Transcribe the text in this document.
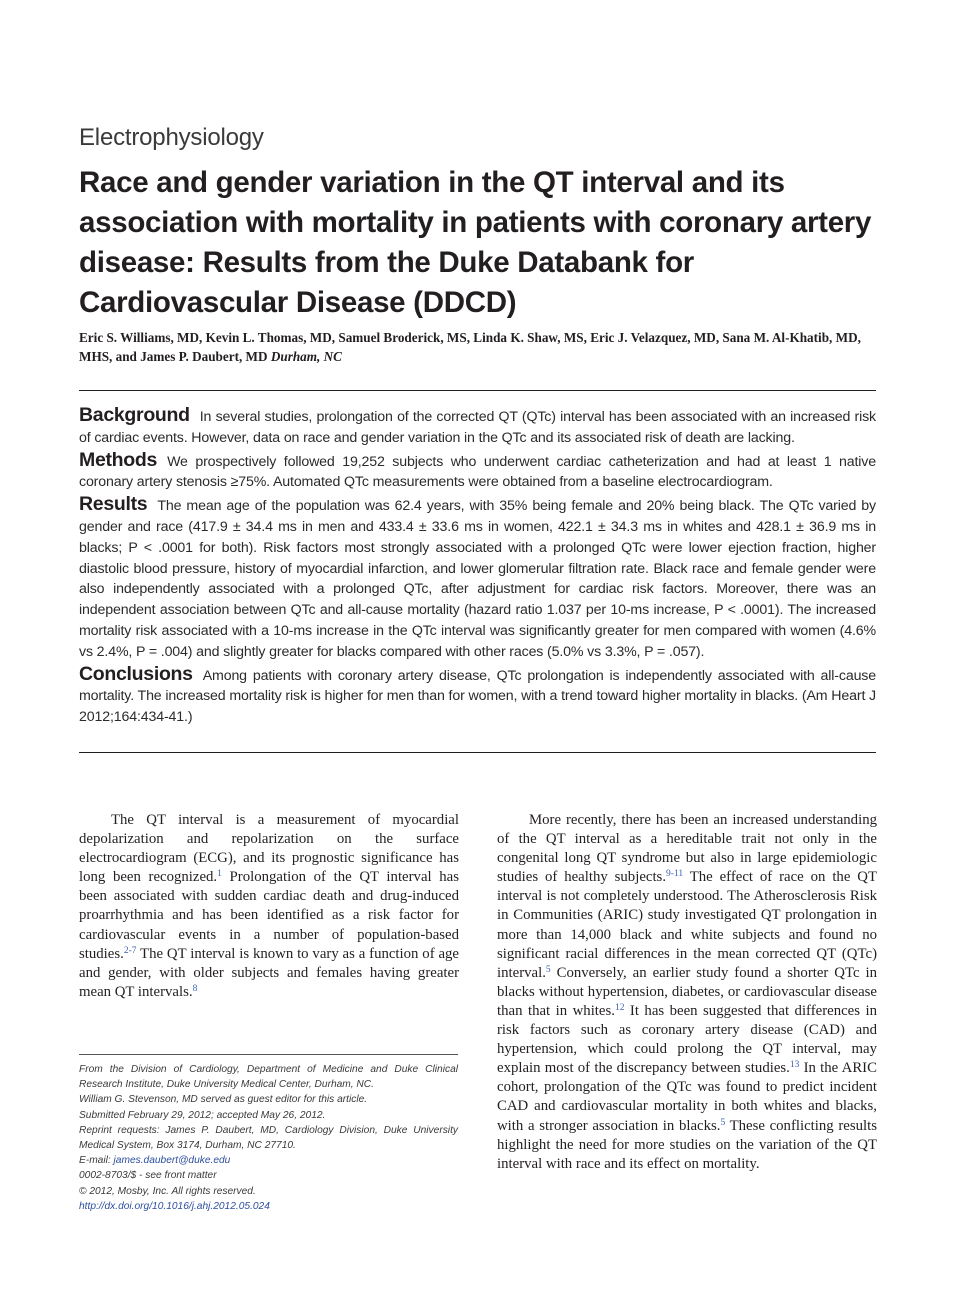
Electrophysiology
Race and gender variation in the QT interval and its association with mortality in patients with coronary artery disease: Results from the Duke Databank for Cardiovascular Disease (DDCD)
Eric S. Williams, MD, Kevin L. Thomas, MD, Samuel Broderick, MS, Linda K. Shaw, MS, Eric J. Velazquez, MD, Sana M. Al-Khatib, MD, MHS, and James P. Daubert, MD Durham, NC

Background In several studies, prolongation of the corrected QT (QTc) interval has been associated with an increased risk of cardiac events. However, data on race and gender variation in the QTc and its associated risk of death are lacking.

Methods We prospectively followed 19,252 subjects who underwent cardiac catheterization and had at least 1 native coronary artery stenosis ≥75%. Automated QTc measurements were obtained from a baseline electrocardiogram.

Results The mean age of the population was 62.4 years, with 35% being female and 20% being black. The QTc varied by gender and race (417.9 ± 34.4 ms in men and 433.4 ± 33.6 ms in women, 422.1 ± 34.3 ms in whites and 428.1 ± 36.9 ms in blacks; P < .0001 for both). Risk factors most strongly associated with a prolonged QTc were lower ejection fraction, higher diastolic blood pressure, history of myocardial infarction, and lower glomerular filtration rate. Black race and female gender were also independently associated with a prolonged QTc, after adjustment for cardiac risk factors. Moreover, there was an independent association between QTc and all-cause mortality (hazard ratio 1.037 per 10-ms increase, P < .0001). The increased mortality risk associated with a 10-ms increase in the QTc interval was significantly greater for men compared with women (4.6% vs 2.4%, P = .004) and slightly greater for blacks compared with other races (5.0% vs 3.3%, P = .057).

Conclusions Among patients with coronary artery disease, QTc prolongation is independently associated with all-cause mortality. The increased mortality risk is higher for men than for women, with a trend toward higher mortality in blacks. (Am Heart J 2012;164:434-41.)

The QT interval is a measurement of myocardial depolarization and repolarization on the surface electrocardiogram (ECG), and its prognostic significance has long been recognized.$^1$ Prolongation of the QT interval has been associated with sudden cardiac death and drug-induced proarrhythmia and has been identified as a risk factor for cardiovascular events in a number of population-based studies.$^{2-7}$ The QT interval is known to vary as a function of age and gender, with older subjects and females having greater mean QT intervals.$^8$

More recently, there has been an increased understanding of the QT interval as a hereditable trait not only in the congenital long QT syndrome but also in large epidemiologic studies of healthy subjects.$^{9-11}$ The effect of race on the QT interval is not completely understood. The Atherosclerosis Risk in Communities (ARIC) study investigated QT prolongation in more than 14,000 black and white subjects and found no significant racial differences in the mean corrected QT (QTc) interval.$^5$ Conversely, an earlier study found a shorter QTc in blacks without hypertension, diabetes, or cardiovascular disease than that in whites.$^{12}$ It has been suggested that differences in risk factors such as coronary artery disease (CAD) and hypertension, which could prolong the QT interval, may explain most of the discrepancy between studies.$^{13}$ In the ARIC cohort, prolongation of the QTc was found to predict incident CAD and cardiovascular mortality in both whites and blacks, with a stronger association in blacks.$^5$ These conflicting results highlight the need for more studies on the variation of the QT interval with race and its effect on mortality.

From the Division of Cardiology, Department of Medicine and Duke Clinical Research Institute, Duke University Medical Center, Durham, NC.
William G. Stevenson, MD served as guest editor for this article.
Submitted February 29, 2012; accepted May 26, 2012.
Reprint requests: James P. Daubert, MD, Cardiology Division, Duke University Medical System, Box 3174, Durham, NC 27710.
E-mail: james.daubert@duke.edu
0002-8703/$ - see front matter
© 2012, Mosby, Inc. All rights reserved.
http://dx.doi.org/10.1016/j.ahj.2012.05.024
